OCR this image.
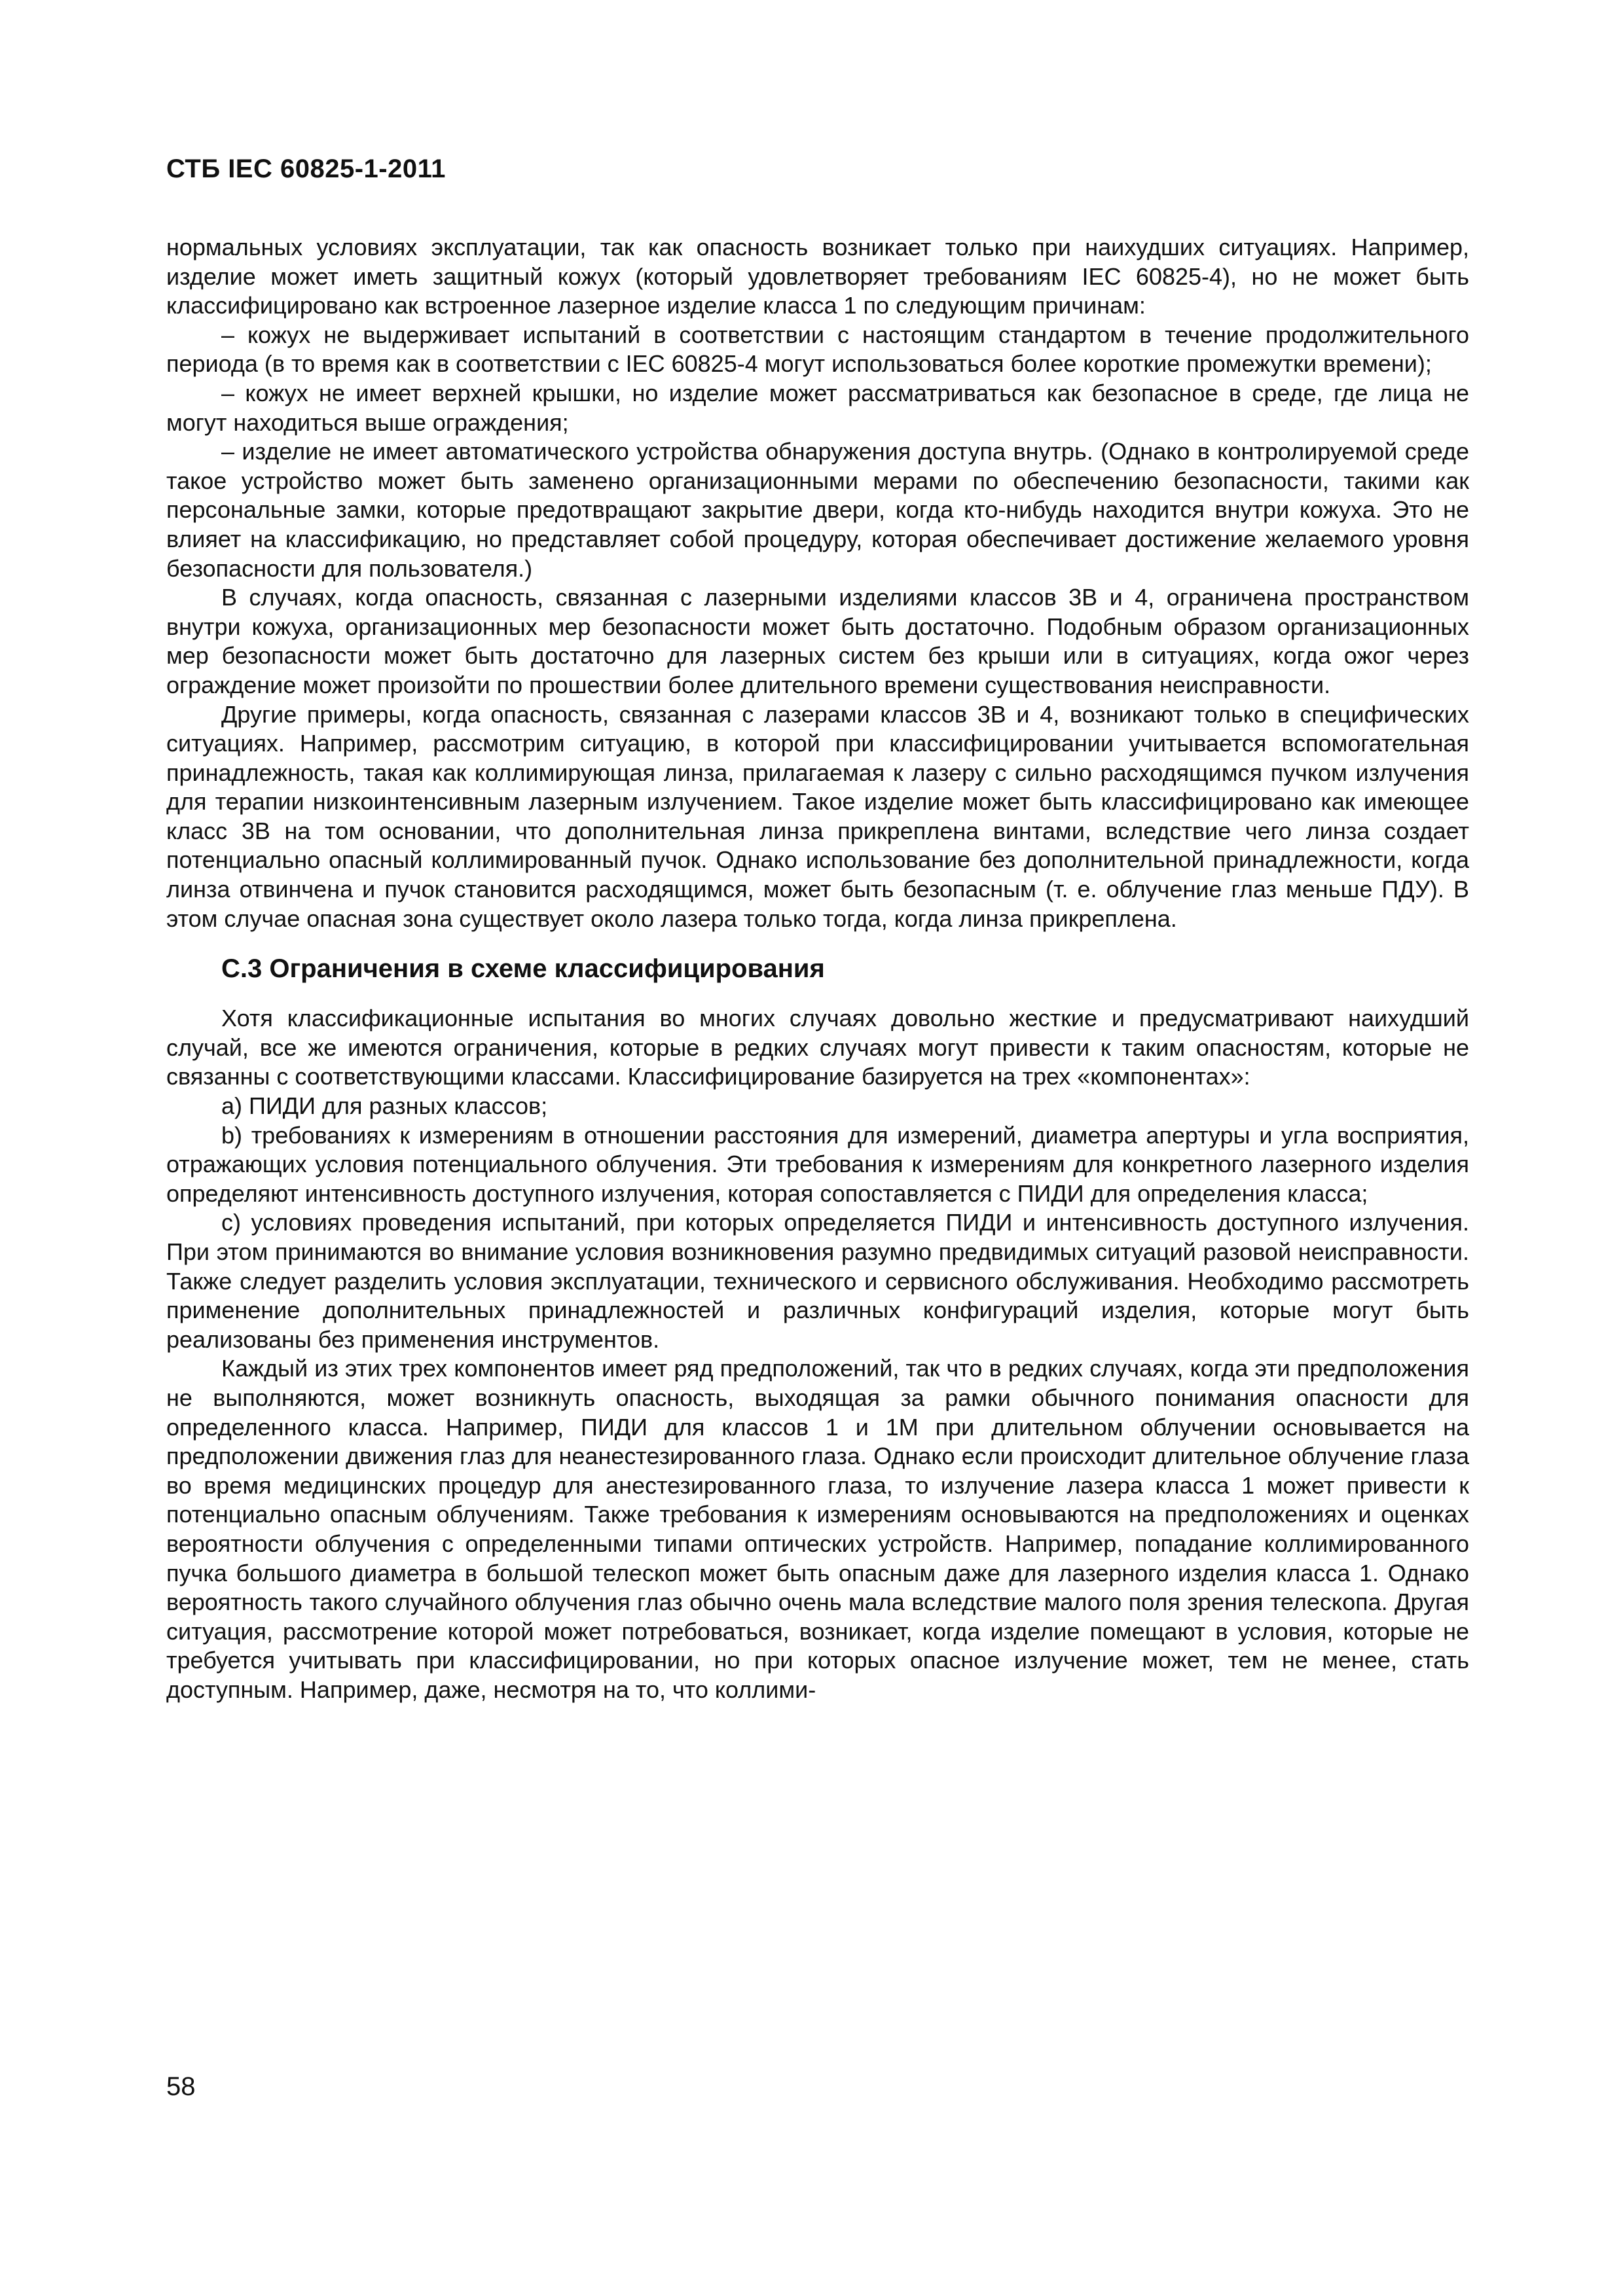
СТБ IEC 60825-1-2011

нормальных условиях эксплуатации, так как опасность возникает только при наихудших ситуациях. Например, изделие может иметь защитный кожух (который удовлетворяет требованиям IEC 60825-4), но не может быть классифицировано как встроенное лазерное изделие класса 1 по следующим причинам:

– кожух не выдерживает испытаний в соответствии с настоящим стандартом в течение продолжительного периода (в то время как в соответствии с IEC 60825-4 могут использоваться более короткие промежутки времени);

– кожух не имеет верхней крышки, но изделие может рассматриваться как безопасное в среде, где лица не могут находиться выше ограждения;

– изделие не имеет автоматического устройства обнаружения доступа внутрь. (Однако в контролируемой среде такое устройство может быть заменено организационными мерами по обеспечению безопасности, такими как персональные замки, которые предотвращают закрытие двери, когда кто-нибудь находится внутри кожуха. Это не влияет на классификацию, но представляет собой процедуру, которая обеспечивает достижение желаемого уровня безопасности для пользователя.)

В случаях, когда опасность, связанная с лазерными изделиями классов 3B и 4, ограничена пространством внутри кожуха, организационных мер безопасности может быть достаточно. Подобным образом организационных мер безопасности может быть достаточно для лазерных систем без крыши или в ситуациях, когда ожог через ограждение может произойти по прошествии более длительного времени существования неисправности.

Другие примеры, когда опасность, связанная с лазерами классов 3B и 4, возникают только в специфических ситуациях. Например, рассмотрим ситуацию, в которой при классифицировании учитывается вспомогательная принадлежность, такая как коллимирующая линза, прилагаемая к лазеру с сильно расходящимся пучком излучения для терапии низкоинтенсивным лазерным излучением. Такое изделие может быть классифицировано как имеющее класс 3B на том основании, что дополнительная линза прикреплена винтами, вследствие чего линза создает потенциально опасный коллимированный пучок. Однако использование без дополнительной принадлежности, когда линза отвинчена и пучок становится расходящимся, может быть безопасным (т. е. облучение глаз меньше ПДУ). В этом случае опасная зона существует около лазера только тогда, когда линза прикреплена.

С.3 Ограничения в схеме классифицирования

Хотя классификационные испытания во многих случаях довольно жесткие и предусматривают наихудший случай, все же имеются ограничения, которые в редких случаях могут привести к таким опасностям, которые не связанны с соответствующими классами. Классифицирование базируется на трех «компонентах»:

a) ПИДИ для разных классов;

b) требованиях к измерениям в отношении расстояния для измерений, диаметра апертуры и угла восприятия, отражающих условия потенциального облучения. Эти требования к измерениям для конкретного лазерного изделия определяют интенсивность доступного излучения, которая сопоставляется с ПИДИ для определения класса;

c) условиях проведения испытаний, при которых определяется ПИДИ и интенсивность доступного излучения. При этом принимаются во внимание условия возникновения разумно предвидимых ситуаций разовой неисправности. Также следует разделить условия эксплуатации, технического и сервисного обслуживания. Необходимо рассмотреть применение дополнительных принадлежностей и различных конфигураций изделия, которые могут быть реализованы без применения инструментов.

Каждый из этих трех компонентов имеет ряд предположений, так что в редких случаях, когда эти предположения не выполняются, может возникнуть опасность, выходящая за рамки обычного понимания опасности для определенного класса. Например, ПИДИ для классов 1 и 1M при длительном облучении основывается на предположении движения глаз для неанестезированного глаза. Однако если происходит длительное облучение глаза во время медицинских процедур для анестезированного глаза, то излучение лазера класса 1 может привести к потенциально опасным облучениям. Также требования к измерениям основываются на предположениях и оценках вероятности облучения с определенными типами оптических устройств. Например, попадание коллимированного пучка большого диаметра в большой телескоп может быть опасным даже для лазерного изделия класса 1. Однако вероятность такого случайного облучения глаз обычно очень мала вследствие малого поля зрения телескопа. Другая ситуация, рассмотрение которой может потребоваться, возникает, когда изделие помещают в условия, которые не требуется учитывать при классифицировании, но при которых опасное излучение может, тем не менее, стать доступным. Например, даже, несмотря на то, что коллими-

58
